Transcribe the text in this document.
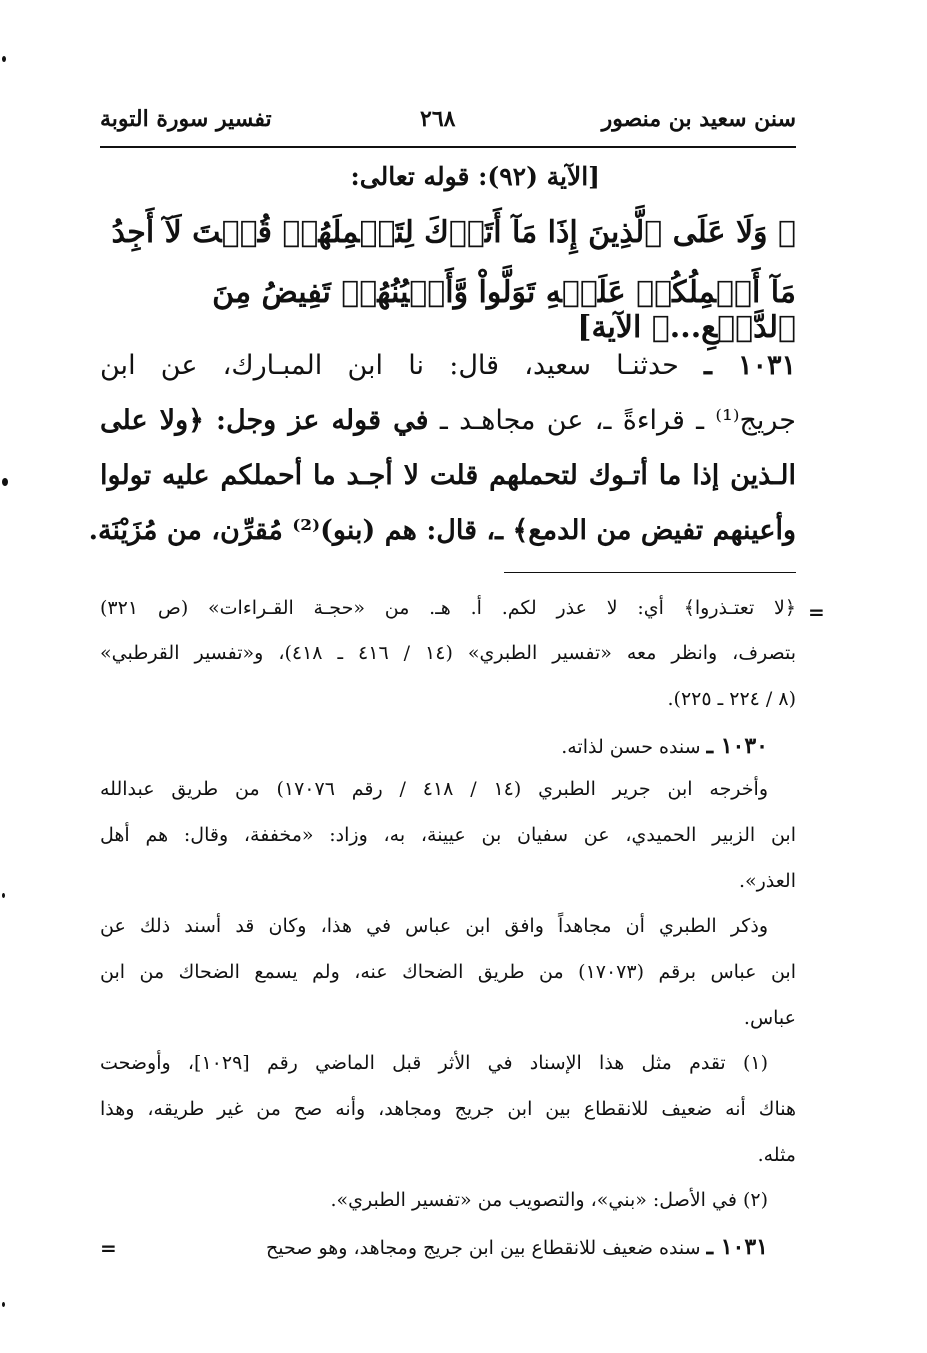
سنن سعيد بن منصور
٢٦٨
تفسير سورة التوبة
[الآية (٩٢): قوله تعالى:
﴿ وَلَا عَلَى ٱلَّذِينَ إِذَا مَآ أَتَوۡكَ لِتَحۡمِلَهُمۡ قُلۡتَ لَآ أَجِدُ
مَآ أَحۡمِلُكُمۡ عَلَيۡهِ تَوَلَّواْ وَّأَعۡيُنُهُمۡ تَفِيضُ مِنَ ٱلدَّمۡعِ...﴾ الآية]
١٠٣١ ـ حدثنـا سعيد، قال: نا ابن المبـارك، عن ابن
جريج⁽¹⁾ ـ قراءةً ـ، عن مجاهـد ـ في قوله عز وجل: ﴿ولا على
الـذين إذا ما أتـوك لتحملهم قلت لا أجـد ما أحملكم عليه تولوا
وأعينهم تفيض من الدمع﴾ ـ، قال: هم (بنو)⁽²⁾ مُقرِّن، من مُزَيْنَة.
=
﴿لا تعتـذروا﴾ أي: لا عذر لكم. أ. هـ. من «حجـة القـراءات» (ص ٣٢١)
بتصرف، وانظر معه «تفسير الطبري» (١٤ / ٤١٦ ـ ٤١٨)، و«تفسير القرطبي»
(٨ / ٢٢٤ ـ ٢٢٥).
١٠٣٠ ـ سنده حسن لذاته.
وأخرجه ابن جرير الطبري (١٤ / ٤١٨ / رقم ١٧٠٧٦) من طريق عبدالله
ابن الزبير الحميدي، عن سفيان بن عيينة، به، وزاد: «مخففة، وقال: هم أهل
العذر».
وذكر الطبري أن مجاهداً وافق ابن عباس في هذا، وكان قد أسند ذلك عن
ابن عباس برقم (١٧٠٧٣) من طريق الضحاك عنه، ولم يسمع الضحاك من ابن
عباس.
(١) تقدم مثل هذا الإسناد في الأثر قبل الماضي رقم [١٠٢٩]، وأوضحت
هناك أنه ضعيف للانقطاع بين ابن جريج ومجاهد، وأنه صح من غير طريقه، وهذا
مثله.
(٢) في الأصل: «بني»، والتصويب من «تفسير الطبري».
١٠٣١ ـ سنده ضعيف للانقطاع بين ابن جريج ومجاهد، وهو صحيح
=
